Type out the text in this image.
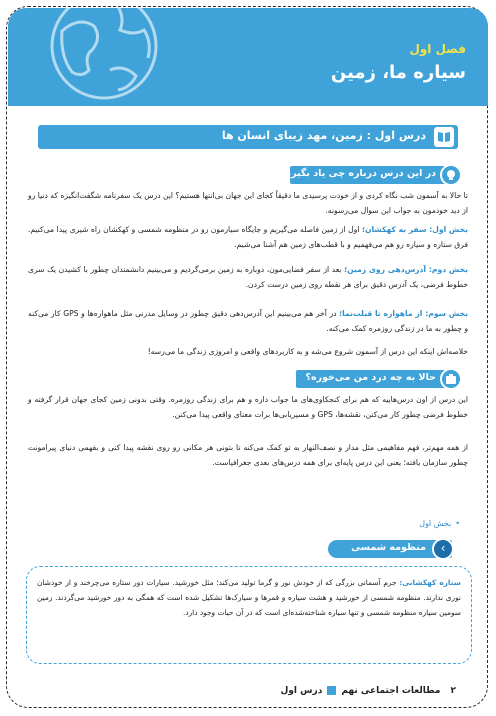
فصل اول
سیاره ما، زمین
درس اول : زمین، مهد زیبای انسان ها
در این درس درباره چی یاد بگیریم؟
تا حالا به آسمون شب نگاه کردی و از خودت پرسیدی ما دقیقاً کجای این جهان بی‌انتها هستیم؟ این درس یک سفرنامه شگفت‌انگیزه که دنیا رو از دید خودمون به جواب این سوال می‌رسونه.
بخش اول: سفر به کهکشان؛ اول از زمین فاصله می‌گیریم و جایگاه سیارمون رو در منظومه شمسی و کهکشان راه شیری پیدا می‌کنیم. فرق ستاره و سیاره رو هم می‌فهمیم و با قطب‌های زمین هم آشنا می‌شیم.
بخش دوم: آدرس‌دهی روی زمین؛ بعد از سفر فضایی‌مون، دوباره به زمین برمی‌گردیم و می‌بینیم دانشمندان چطور با کشیدن یک سری خطوط فرضی، یک آدرس دقیق برای هر نقطه روی زمین درست کردن.
بخش سوم: از ماهواره تا قبلت‌نما؛ در آخر هم می‌بینیم این آدرس‌دهی دقیق چطور در وسایل مدرنی مثل ماهواره‌ها و GPS کار می‌کنه و چطور به ما در زندگی روزمره کمک می‌کنه.
خلاصه‌اش اینکه این درس از آسمون شروع می‌شه و به کاربردهای واقعی و امروزی زندگی ما می‌رسه!
حالا به چه درد من می‌خوره؟
این درس از اون درس‌هاییه که هم برای کنجکاوی‌های ما جواب داره و هم برای زندگی روزمره. وقتی بدونی زمین کجای جهان قرار گرفته و خطوط فرضی چطور کار می‌کنن، نقشه‌ها، GPS و مسیریابی‌ها برات معنای واقعی پیدا می‌کنن.
از همه مهم‌تر، فهم مفاهیمی مثل مدار و نصف‌النهار به تو کمک می‌کنه تا بتونی هر مکانی رو روی نقشه پیدا کنی و بفهمی دنیای پیرامونت چطور سازمان یافته؛ یعنی این درس پایه‌ای برای همه درس‌های بعدی جغرافیاست.
• بخش اول
‹
منظومه شمسی
ستاره کهکشانی: جرم آسمانی بزرگی که از خودش نور و گرما تولید می‌کند؛ مثل خورشید. سیارات دور ستاره می‌چرخند و از خودشان نوری ندارند. منظومه شمسی از خورشید و هشت سیاره و قمرها و سیارک‌ها تشکیل شده است که همگی به دور خورشید می‌گردند. زمین سومین سیاره منظومه شمسی و تنها سیاره شناخته‌شده‌ای است که در آن حیات وجود دارد.
۲مطالعات اجتماعی نهمدرس اول
